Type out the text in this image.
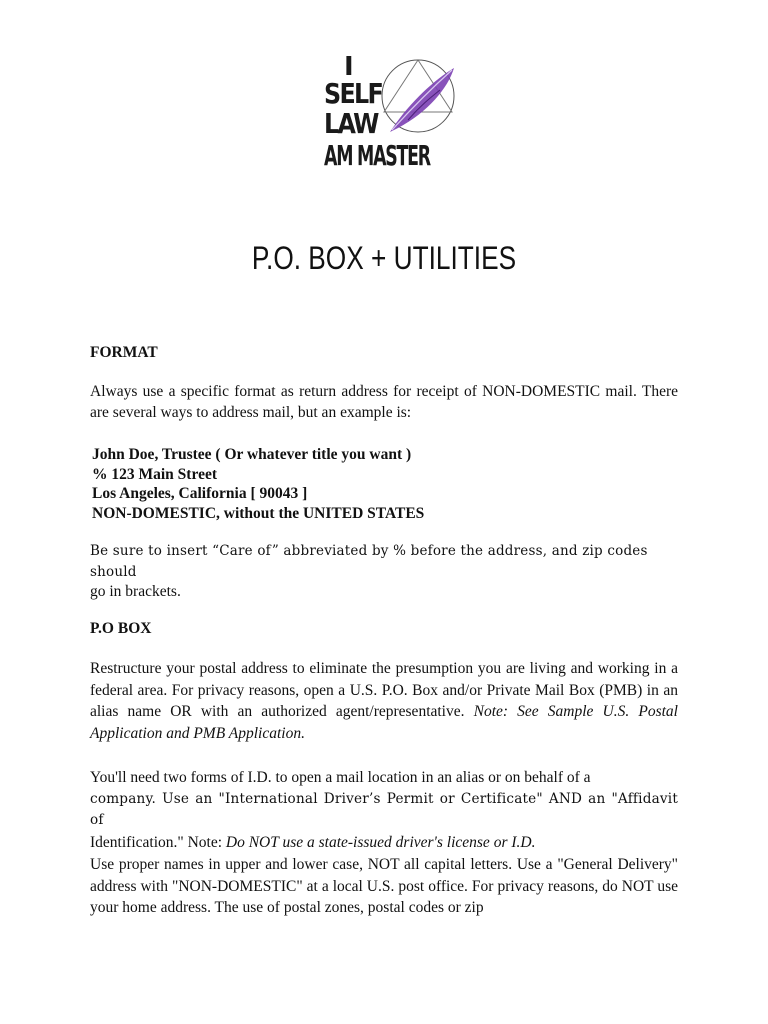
I
SELF
LAW
AM MASTER
P.O. BOX + UTILITIES
FORMAT
Always use a specific format as return address for receipt of NON-DOMESTIC mail. There are several ways to address mail, but an example is:
John Doe, Trustee ( Or whatever title you want )
% 123 Main Street
Los Angeles, California [ 90043 ]
NON-DOMESTIC, without the UNITED STATES
Be sure to insert “Care of” abbreviated by % before the address, and zip codes should
go in brackets.
P.O BOX
Restructure your postal address to eliminate the presumption you are living and working in a federal area. For privacy reasons, open a U.S. P.O. Box and/or Private Mail Box (PMB) in an alias name OR with an authorized agent/representative. Note: See Sample U.S. Postal Application and PMB Application.
You'll need two forms of I.D. to open a mail location in an alias or on behalf of a
company. Use an "International Driver’s Permit or Certificate" AND an "Affidavit of
Identification." Note: Do NOT use a state-issued driver's license or I.D.
Use proper names in upper and lower case, NOT all capital letters. Use a "General Delivery" address with "NON-DOMESTIC" at a local U.S. post office. For privacy reasons, do NOT use your home address. The use of postal zones, postal codes or zip
